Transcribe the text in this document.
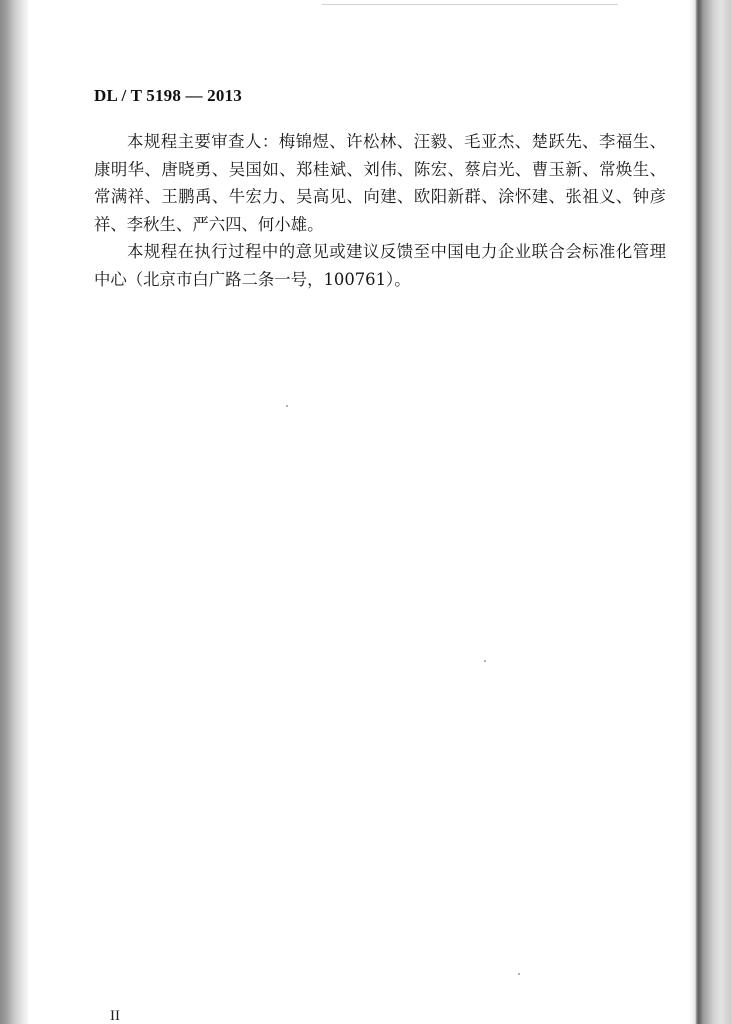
DL / T 5198 — 2013

本规程主要审查人：梅锦煜、许松林、汪毅、毛亚杰、楚跃先、李福生、康明华、唐晓勇、吴国如、郑桂斌、刘伟、陈宏、蔡启光、曹玉新、常焕生、常满祥、王鹏禹、牛宏力、吴高见、向建、欧阳新群、涂怀建、张祖义、钟彦祥、李秋生、严六四、何小雄。

本规程在执行过程中的意见或建议反馈至中国电力企业联合会标准化管理中心（北京市白广路二条一号，100761）。

II
